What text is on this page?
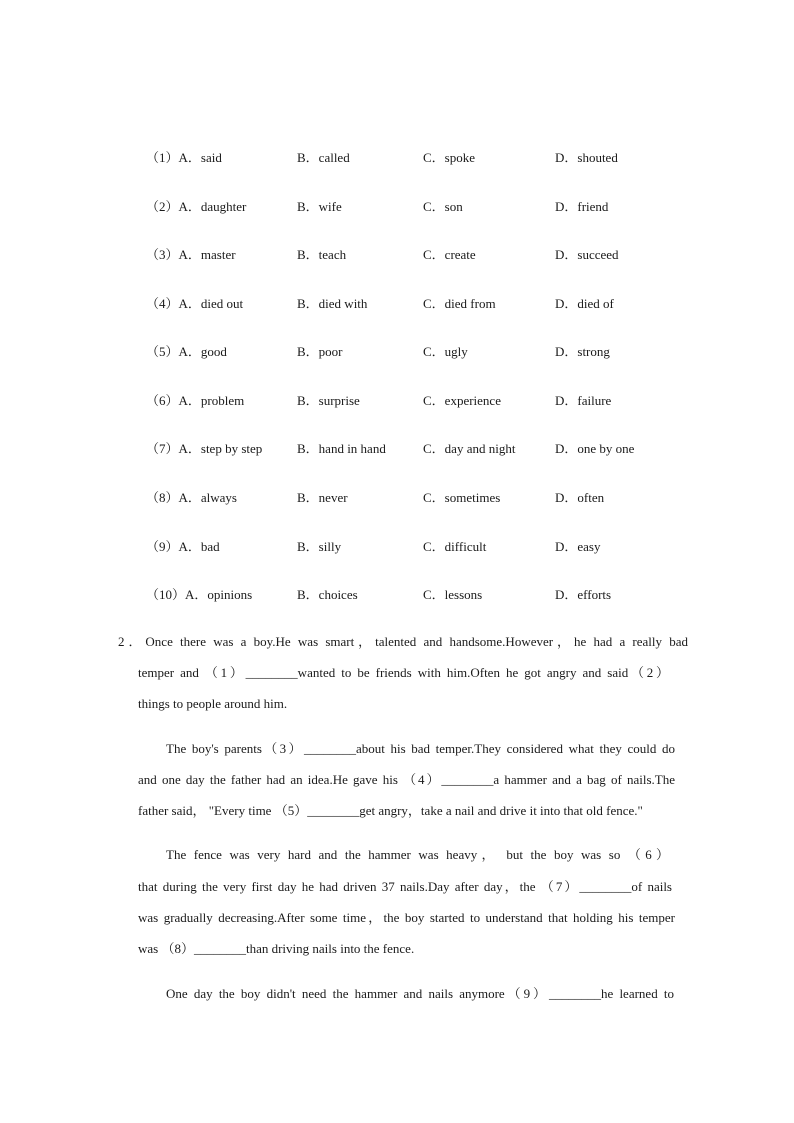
（1）A．said	B．called	C．spoke	D．shouted
（2）A．daughter	B．wife	C．son	D．friend
（3）A．master	B．teach	C．create	D．succeed
（4）A．died out	B．died with	C．died from	D．died of
（5）A．good	B．poor	C．ugly	D．strong
（6）A．problem	B．surprise	C．experience	D．failure
（7）A．step by step	B．hand in hand	C．day and night	D．one by one
（8）A．always	B．never	C．sometimes	D．often
（9）A．bad	B．silly	C．difficult	D．easy
（10）A．opinions	B．choices	C．lessons	D．efforts
2．Once there was a boy.He was smart，talented and handsome.However，he had a really bad
temper and （1）________wanted to be friends with him.Often he got angry and said（2）
things to people around him.
The boy's parents（3）________about his bad temper.They considered what they could do
and one day the father had an idea.He gave his （4）________a hammer and a bag of nails.The
father said， "Every time （5）________get angry，take a nail and drive it into that old fence."
The fence was very hard and the hammer was heavy， but the boy was so （6）
that during the very first day he had driven 37 nails.Day after day，the （7）________of nails
was gradually decreasing.After some time，the boy started to understand that holding his temper
was （8）________than driving nails into the fence.
One day the boy didn't need the hammer and nails anymore（9）________he learned to
